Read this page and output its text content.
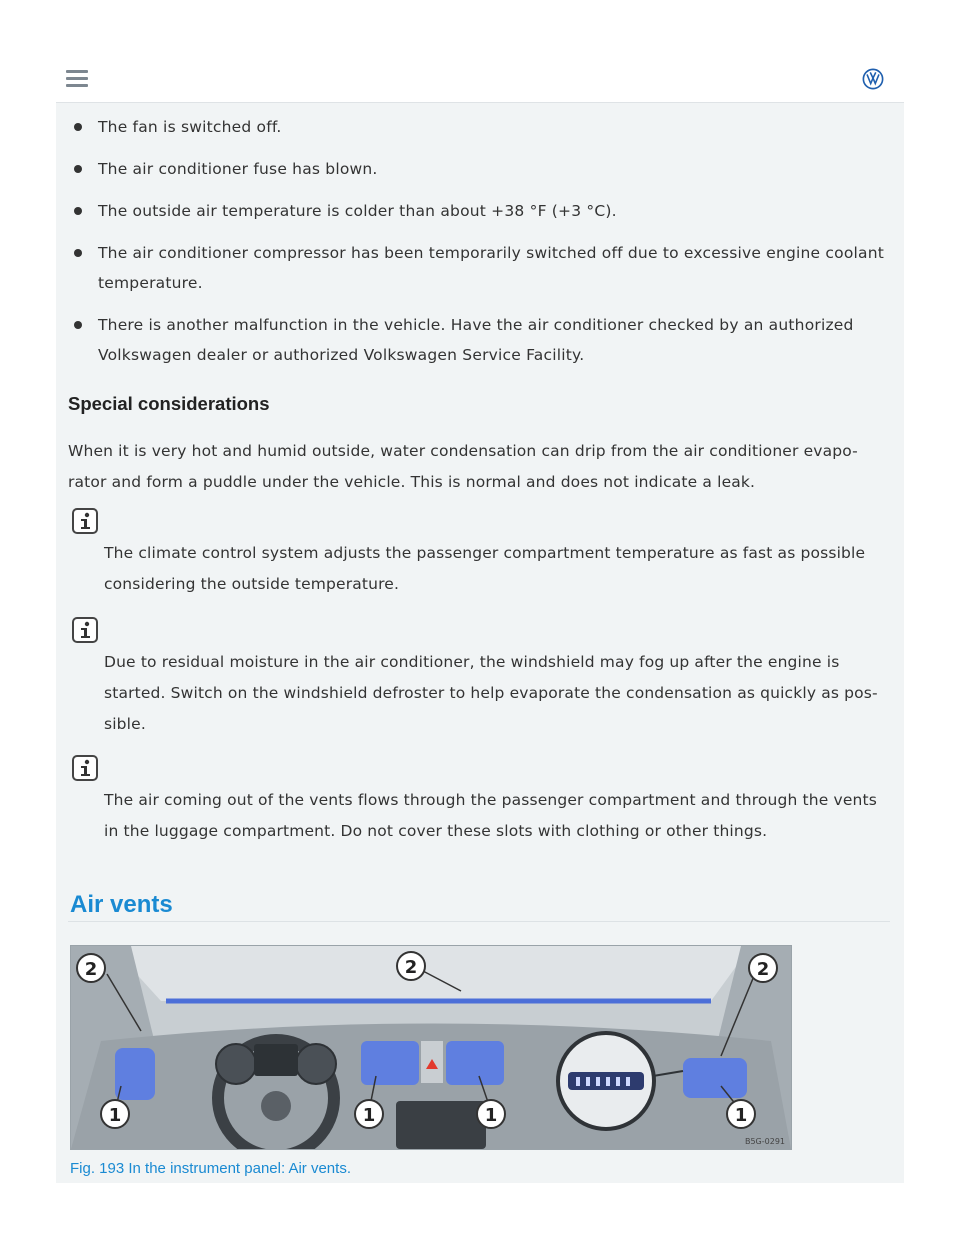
The fan is switched off.
The air conditioner fuse has blown.
The outside air temperature is colder than about +38 °F (+3 °C).
The air conditioner compressor has been temporarily switched off due to excessive engine coolant temperature.
There is another malfunction in the vehicle. Have the air conditioner checked by an authorized Volkswagen dealer or authorized Volkswagen Service Facility.
Special considerations
When it is very hot and humid outside, water condensation can drip from the air conditioner evapo-rator and form a puddle under the vehicle. This is normal and does not indicate a leak.
The climate control system adjusts the passenger compartment temperature as fast as possible considering the outside temperature.
Due to residual moisture in the air conditioner, the windshield may fog up after the engine is started. Switch on the windshield defroster to help evaporate the condensation as quickly as pos-sible.
The air coming out of the vents flows through the passenger compartment and through the vents in the luggage compartment. Do not cover these slots with clothing or other things.
Air vents
2	2	2
1	1	1	1
B5G-0291
Fig. 193 In the instrument panel: Air vents.
